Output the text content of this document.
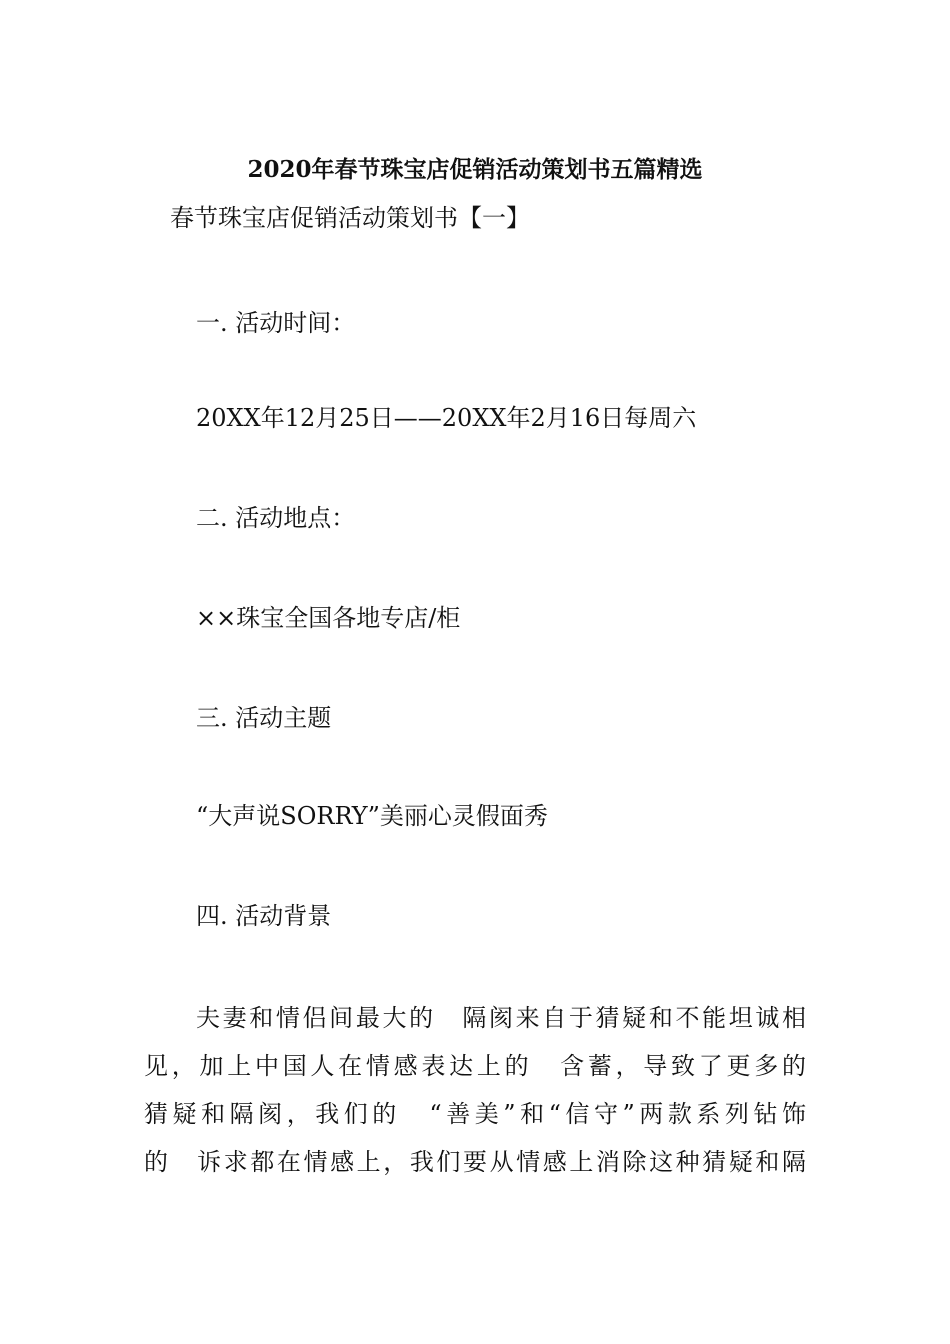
2020年春节珠宝店促销活动策划书五篇精选
春节珠宝店促销活动策划书【一】
一. 活动时间：
20XX年12月25日——20XX年2月16日每周六
二. 活动地点：
××珠宝全国各地专店/柜
三. 活动主题
“大声说SORRY”美丽心灵假面秀
四. 活动背景
夫妻和情侣间最大的　隔阂来自于猜疑和不能坦诚相
见，加上中国人在情感表达上的　含蓄，导致了更多的
猜疑和隔阂，我们的　“善美”和“信守”两款系列钻饰
的　诉求都在情感上，我们要从情感上消除这种猜疑和隔
